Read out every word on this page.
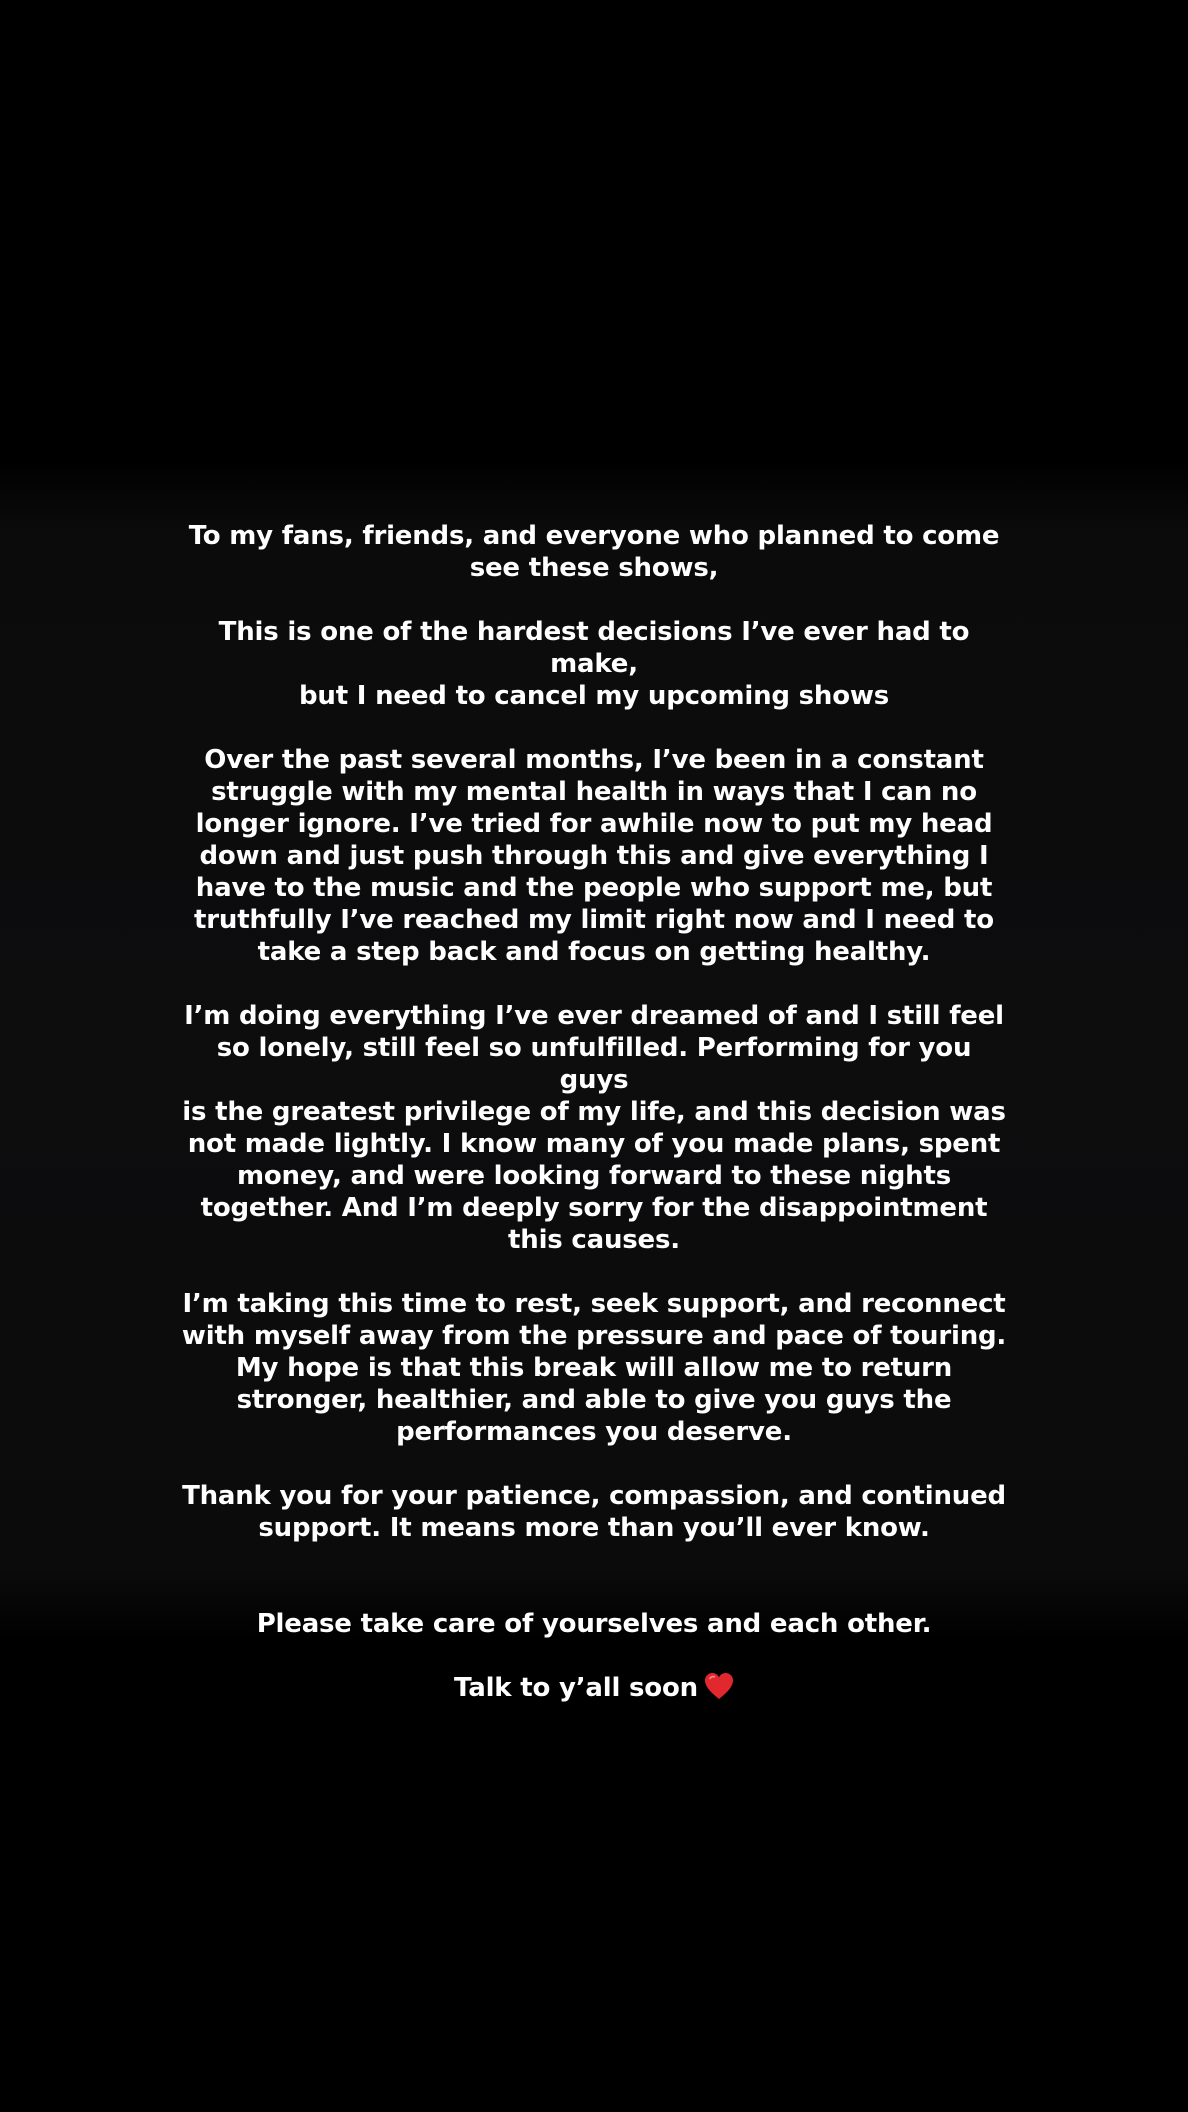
To my fans, friends, and everyone who planned to come
see these shows,

This is one of the hardest decisions I’ve ever had to make,
but I need to cancel my upcoming shows

Over the past several months, I’ve been in a constant
struggle with my mental health in ways that I can no
longer ignore. I’ve tried for awhile now to put my head
down and just push through this and give everything I
have to the music and the people who support me, but
truthfully I’ve reached my limit right now and I need to
take a step back and focus on getting healthy.

I’m doing everything I’ve ever dreamed of and I still feel
so lonely, still feel so unfulfilled. Performing for you guys
is the greatest privilege of my life, and this decision was
not made lightly. I know many of you made plans, spent
money, and were looking forward to these nights
together. And I’m deeply sorry for the disappointment
this causes.

I’m taking this time to rest, seek support, and reconnect
with myself away from the pressure and pace of touring.
My hope is that this break will allow me to return
stronger, healthier, and able to give you guys the
performances you deserve.

Thank you for your patience, compassion, and continued
support. It means more than you’ll ever know.

Please take care of yourselves and each other.

Talk to y’all soon
